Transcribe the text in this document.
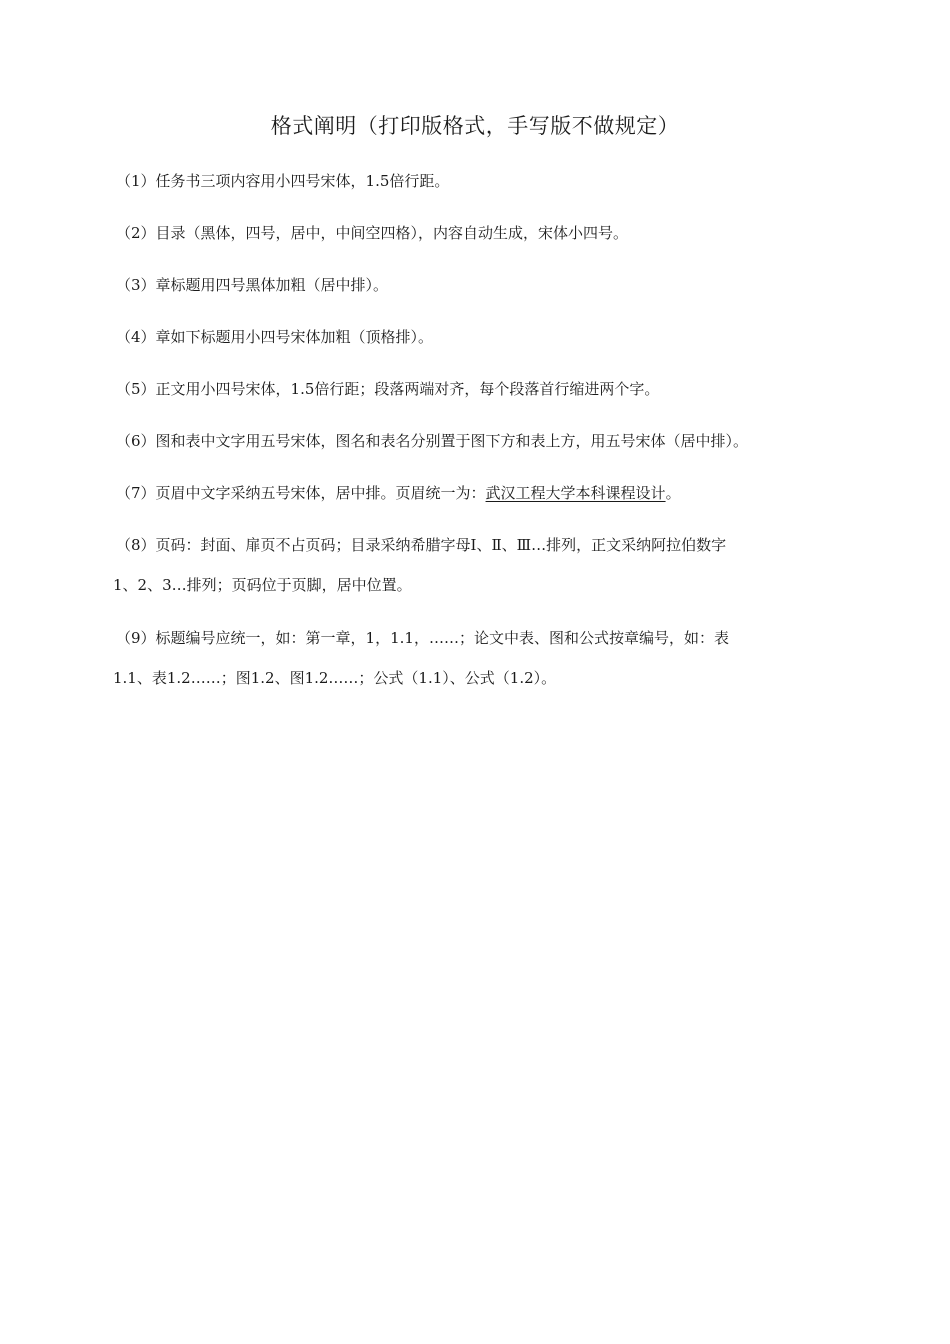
格式阐明（打印版格式，手写版不做规定）

（1）任务书三项内容用小四号宋体，1.5倍行距。

（2）目录（黑体，四号，居中，中间空四格），内容自动生成，宋体小四号。

（3）章标题用四号黑体加粗（居中排）。

（4）章如下标题用小四号宋体加粗（顶格排）。

（5）正文用小四号宋体，1.5倍行距；段落两端对齐，每个段落首行缩进两个字。

（6）图和表中文字用五号宋体，图名和表名分别置于图下方和表上方，用五号宋体（居中排）。

（7）页眉中文字采纳五号宋体，居中排。页眉统一为：武汉工程大学本科课程设计。

（8）页码：封面、扉页不占页码；目录采纳希腊字母Ⅰ、Ⅱ、Ⅲ…排列，正文采纳阿拉伯数字
1、2、3…排列；页码位于页脚，居中位置。
（9）标题编号应统一，如：第一章，1，1.1，……；论文中表、图和公式按章编号，如：表
1.1、表1.2……；图1.2、图1.2……；公式（1.1）、公式（1.2）。
